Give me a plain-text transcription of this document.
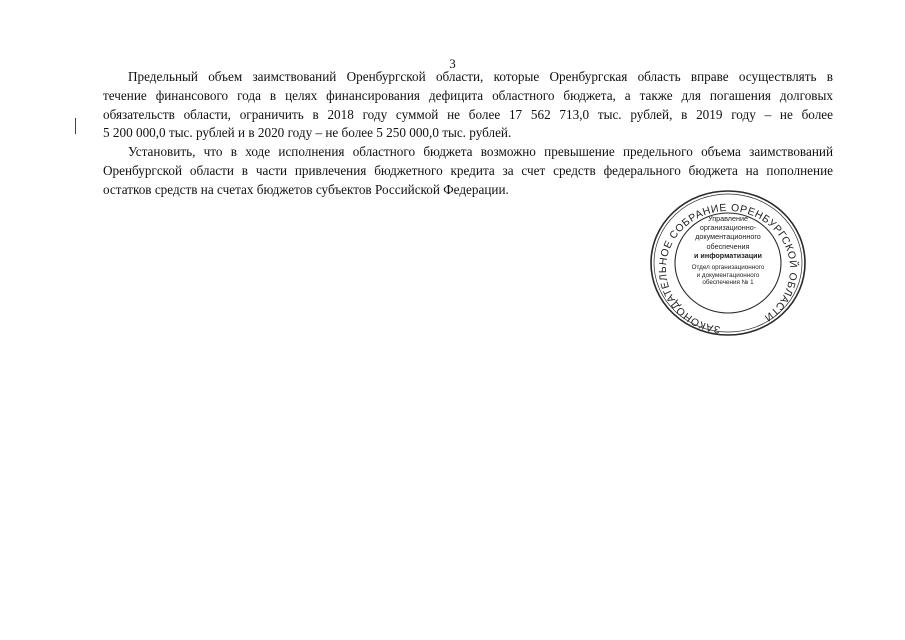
3
Предельный объем заимствований Оренбургской области, которые Оренбургская область вправе осуществлять в
течение финансового года в целях финансирования дефицита областного бюджета, а также для погашения долговых
обязательств области, ограничить в 2018 году суммой не более 17 562 713,0 тыс. рублей, в 2019 году – не более
5 200 000,0 тыс. рублей и в 2020 году – не более 5 250 000,0 тыс. рублей.
Установить, что в ходе исполнения областного бюджета возможно превышение предельного объема заимствований
Оренбургской области в части привлечения бюджетного кредита за счет средств федерального бюджета на пополнение
остатков средств на счетах бюджетов субъектов Российской Федерации.
ЗАКОНОДАТЕЛЬНОЕ СОБРАНИЕ ОРЕНБУРГСКОЙ ОБЛАСТИ
Управление
организационно-
документационного
обеспечения
и информатизации
Отдел организационного
и документационного
обеспечения № 1
